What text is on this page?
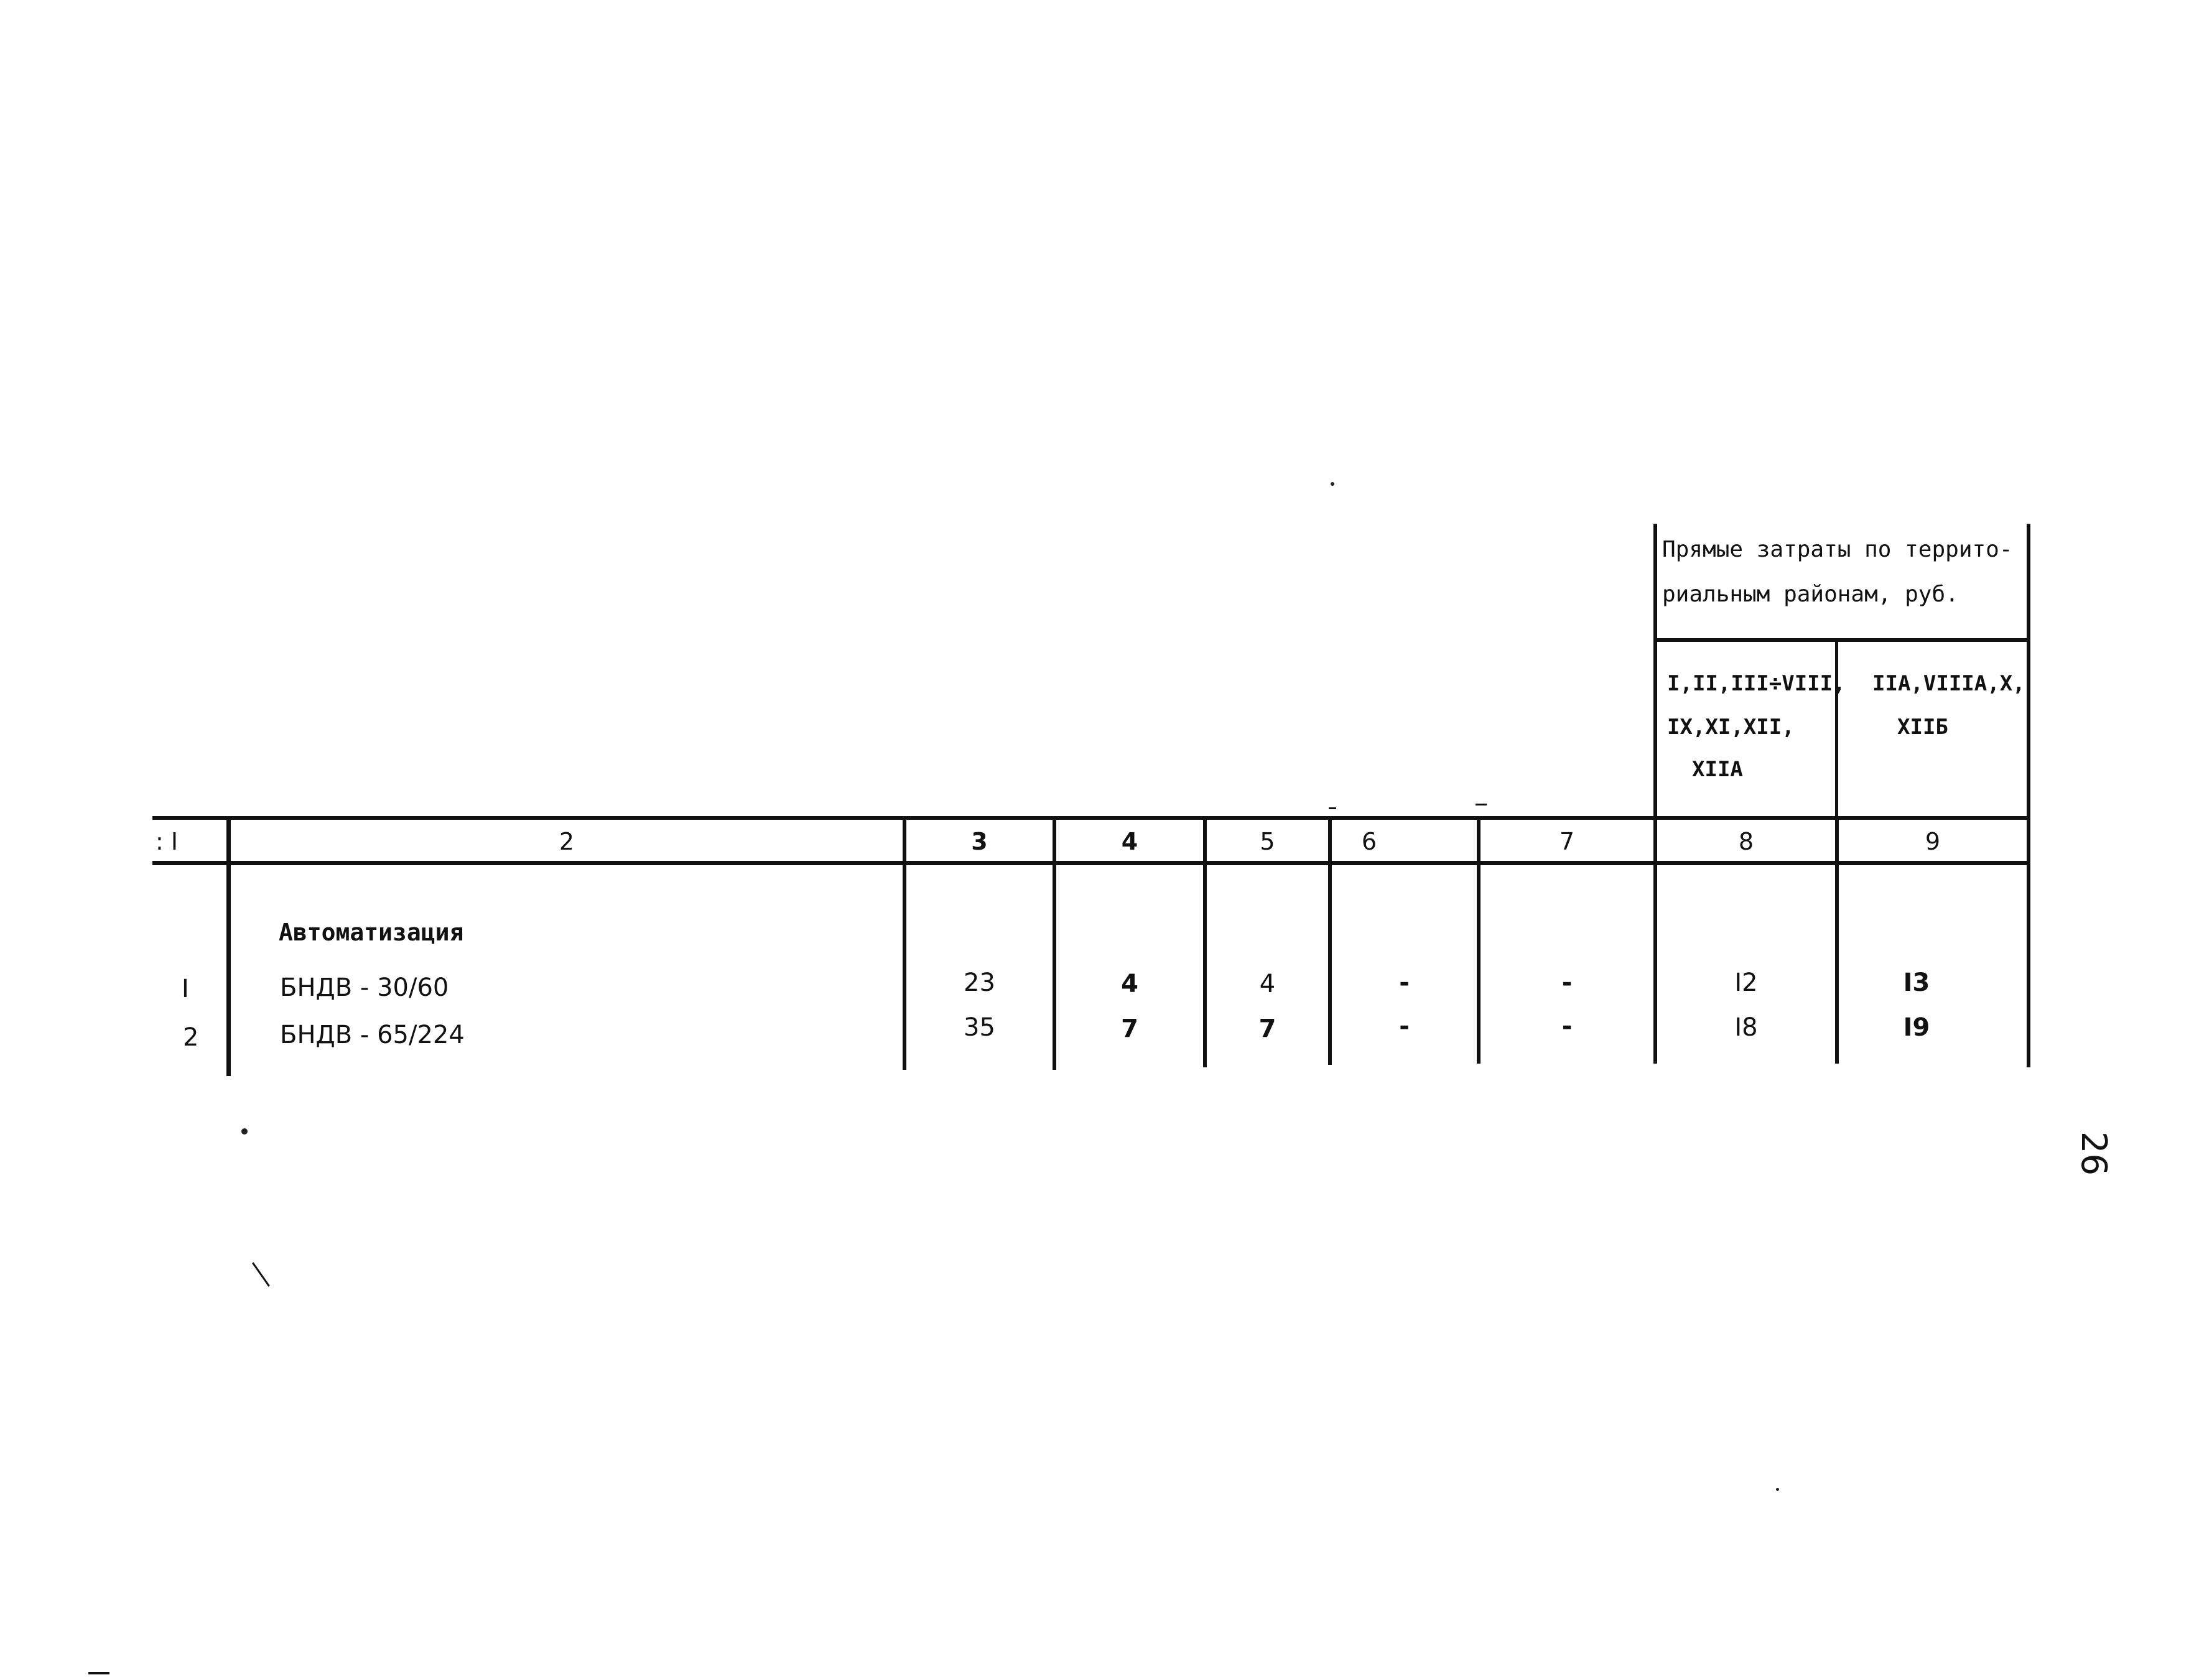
Прямые затраты по террито-
риальным районам, руб.
I,II,III÷VIII,
IX,XI,XII,
XIIA
IIA,VIIIA,X,
XIIБ
: I	2	3	4	5	6	7	8	9
Автоматизация
I	БНДВ - 30/60	23	4	4	-	-	I2	I3
2	БНДВ - 65/224	35	7	7	-	-	I8	I9
26
